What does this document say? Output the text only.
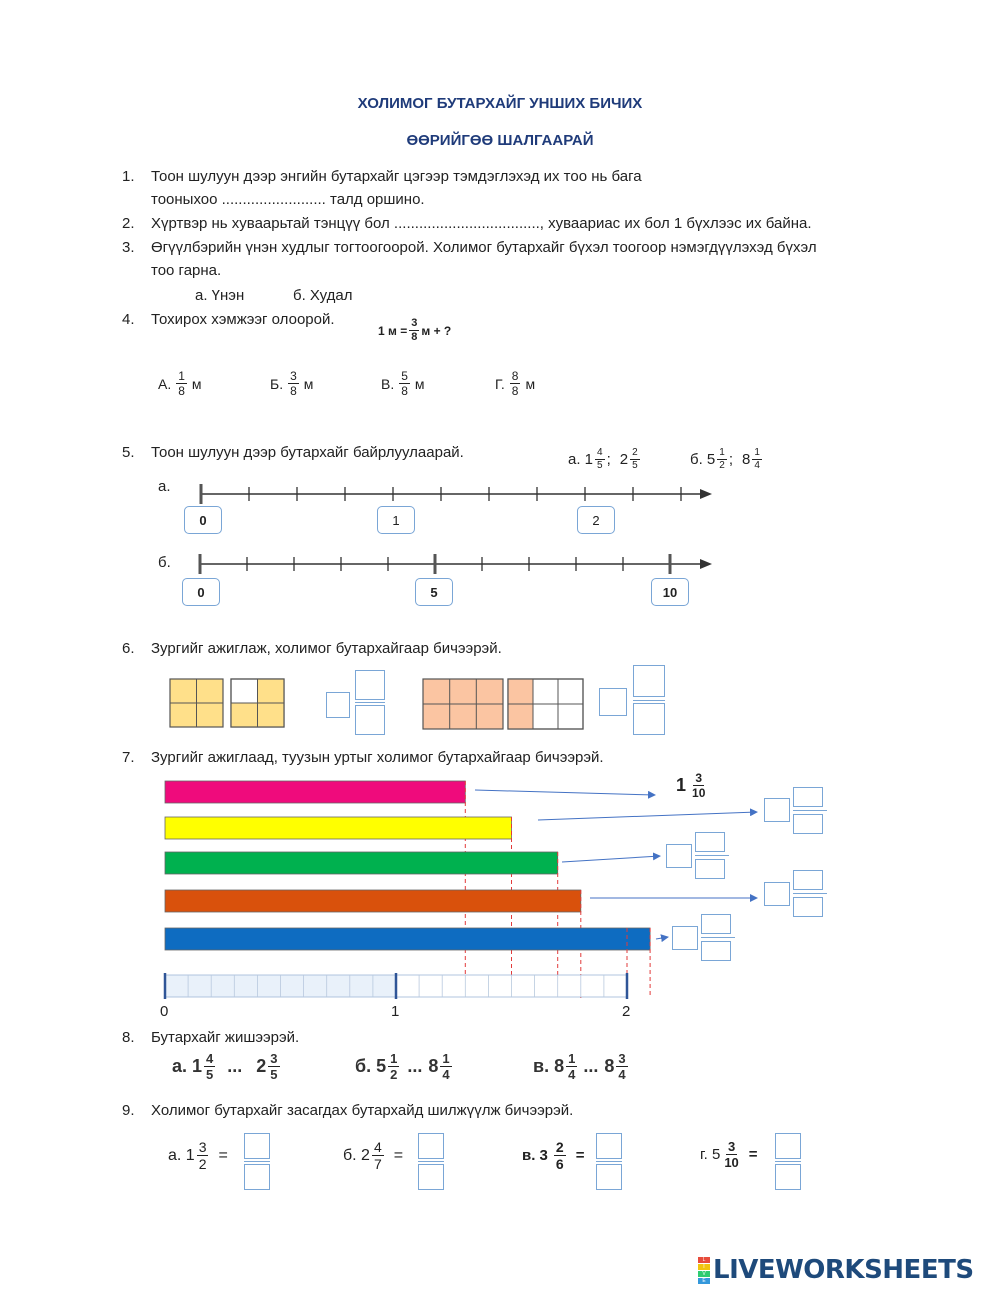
ХОЛИМОГ БУТАРХАЙГ УНШИХ БИЧИХ
ӨӨРИЙГӨӨ ШАЛГААРАЙ
1. Тоон шулуун дээр энгийн бутархайг цэгээр тэмдэглэхэд их тоо нь бага
тооныхоо ......................... талд оршино.
2. Хүртвэр нь хуваарьтай тэнцүү бол ..................................., хуваариас их бол 1 бүхлээс их байна.
3. Өгүүлбэрийн үнэн худлыг тогтоогоорой. Холимог бутархайг бүхэл тоогоор нэмэгдүүлэхэд бүхэл
тоо гарна.
а. Үнэн	б. Худал
4. Тохирох хэмжээг олоорой.
1 $м = \frac{3}{8}$ м + ?
А. $\frac{1}{8}$ м	Б. $\frac{3}{8}$ м	В. $\frac{5}{8}$ м	Г. $\frac{8}{8}$ м
5. Тоон шулуун дээр бутархайг байрлуулаарай.	а. $1 \frac{4}{5}$ ; $2 \frac{2}{5}$	б. $5 \frac{1}{2}$ ; $8 \frac{1}{4}$
а.
0	1	2
б.
0	5	10
6. Зургийг ажиглаж, холимог бутархайгаар бичээрэй.
7. Зургийг ажиглаад, туузын уртыг холимог бутархайгаар бичээрэй.
$1 \frac{3}{10}$
0	1	2
8. Бутархайг жишээрэй.
а. $1 \frac{4}{5}$ ... $2 \frac{3}{5}$	б. $5 \frac{1}{2}$ ... $8 \frac{1}{4}$	в. $8 \frac{1}{4}$ ... $8 \frac{3}{4}$
9. Холимог бутархайг засагдах бутархайд шилжүүлж бичээрэй.
а. $1 \frac{3}{2}$ =	б. $2 \frac{4}{7}$ =	в. $3 \frac{2}{6}$ =	г. $5 \frac{3}{10}$ =
L
I
V
E LIVEWORKSHEETS
